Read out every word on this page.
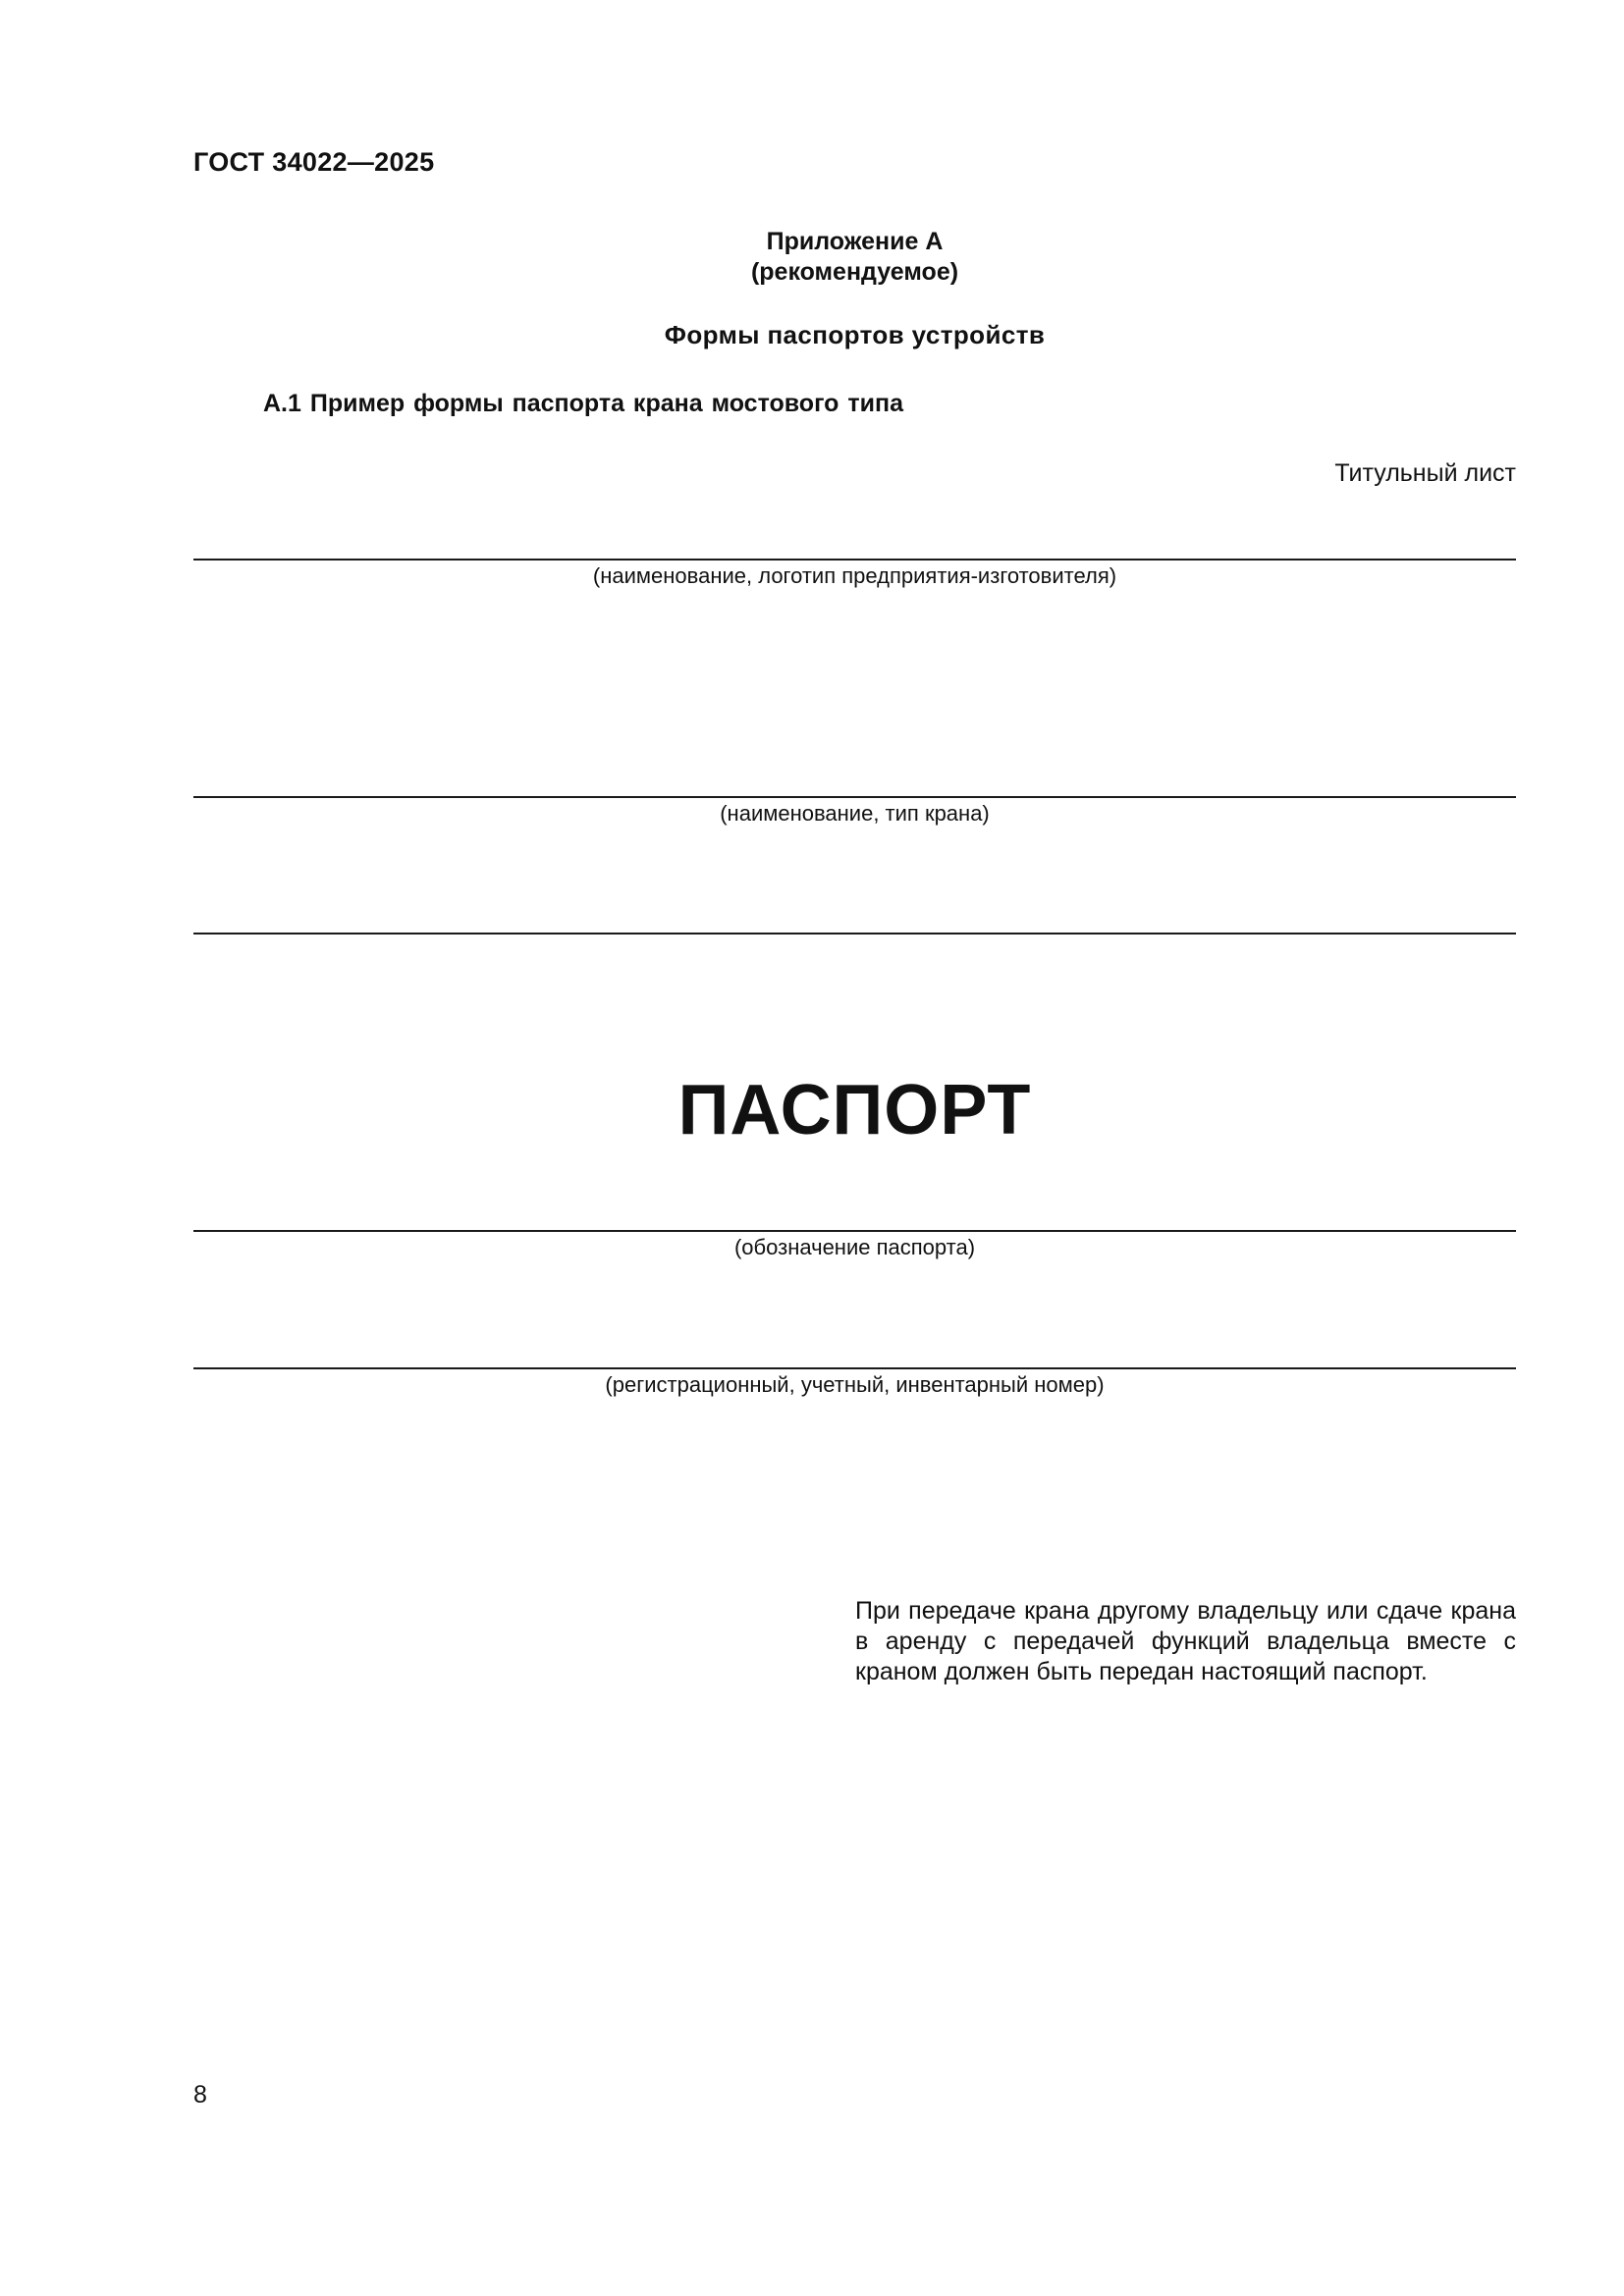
ГОСТ 34022—2025
Приложение А
(рекомендуемое)
Формы паспортов устройств
А.1 Пример формы паспорта крана мостового типа
Титульный лист
(наименование, логотип предприятия-изготовителя)
(наименование, тип крана)
ПАСПОРТ
(обозначение паспорта)
(регистрационный, учетный, инвентарный номер)
При передаче крана другому владельцу или сдаче крана в аренду с передачей функций владельца вместе с краном должен быть передан настоящий паспорт.
8
